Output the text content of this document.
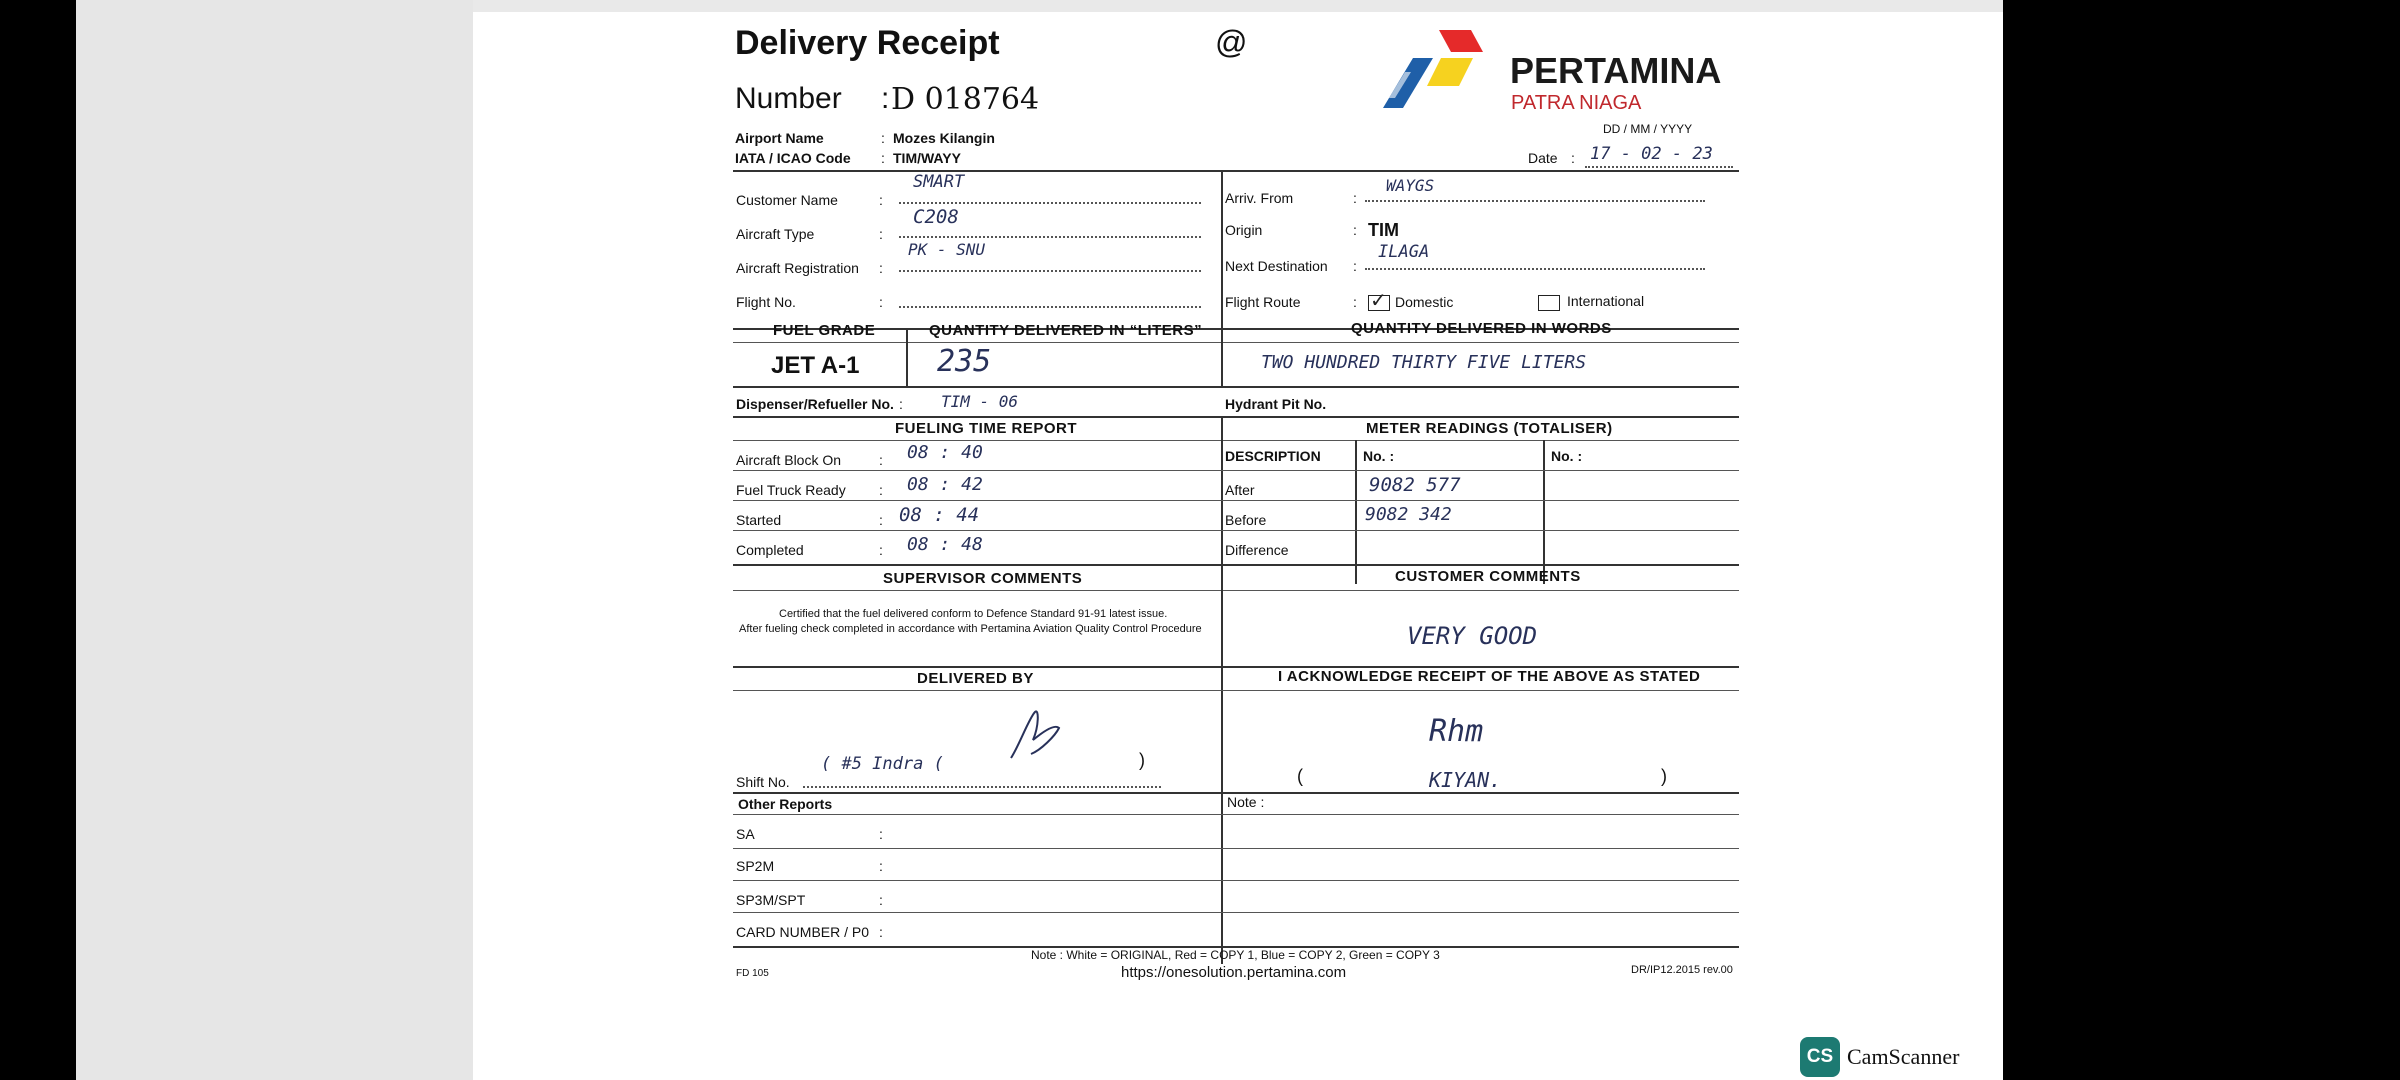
Delivery Receipt
Number : D 018764
@
PERTAMINA
PATRA NIAGA
DD / MM / YYYY
Airport Name	: Mozes Kilangin
IATA / ICAO Code : TIM/WAYY	Date : 17 - 02 - 23
Customer Name	:
SMART
Aircraft Type	:
C208
Aircraft Registration :
PK - SNU
Flight No.	:
Arriv. From	:
WAYGS
Origin	: TIM
Next Destination :
ILAGA
Flight Route	: ✓ Domestic	International
FUEL GRADE	QUANTITY DELIVERED IN “LITERS”	QUANTITY DELIVERED IN WORDS
JET A-1	235	TWO HUNDRED THIRTY FIVE LITERS
Dispenser/Refueller No. : TIM - 06	Hydrant Pit No.
FUELING TIME REPORT	METER READINGS (TOTALISER)
DESCRIPTION	No. :	No. :
Aircraft Block On	: 08 : 40
Fuel Truck Ready : 08 : 42	After	9082 577
Started	: 08 : 44	Before	9082 342
Completed	: 08 : 48	Difference
SUPERVISOR COMMENTS	CUSTOMER COMMENTS
Certified that the fuel delivered conform to Defence Standard 91-91 latest issue.
After fueling check completed in accordance with Pertamina Aviation Quality Control Procedure	VERY GOOD
DELIVERED BY	I ACKNOWLEDGE RECEIPT OF THE ABOVE AS STATED
( #5 Indra (	)
Shift No.
Rhm
(	KIYAN.	)
Other Reports	Note :
SA	:
SP2M	:
SP3M/SPT	:
CARD NUMBER / P0 :
Note : White = ORIGINAL, Red = COPY 1, Blue = COPY 2, Green = COPY 3
FD 105	https://onesolution.pertamina.com	DR/IP12.2015 rev.00
CS CamScanner
